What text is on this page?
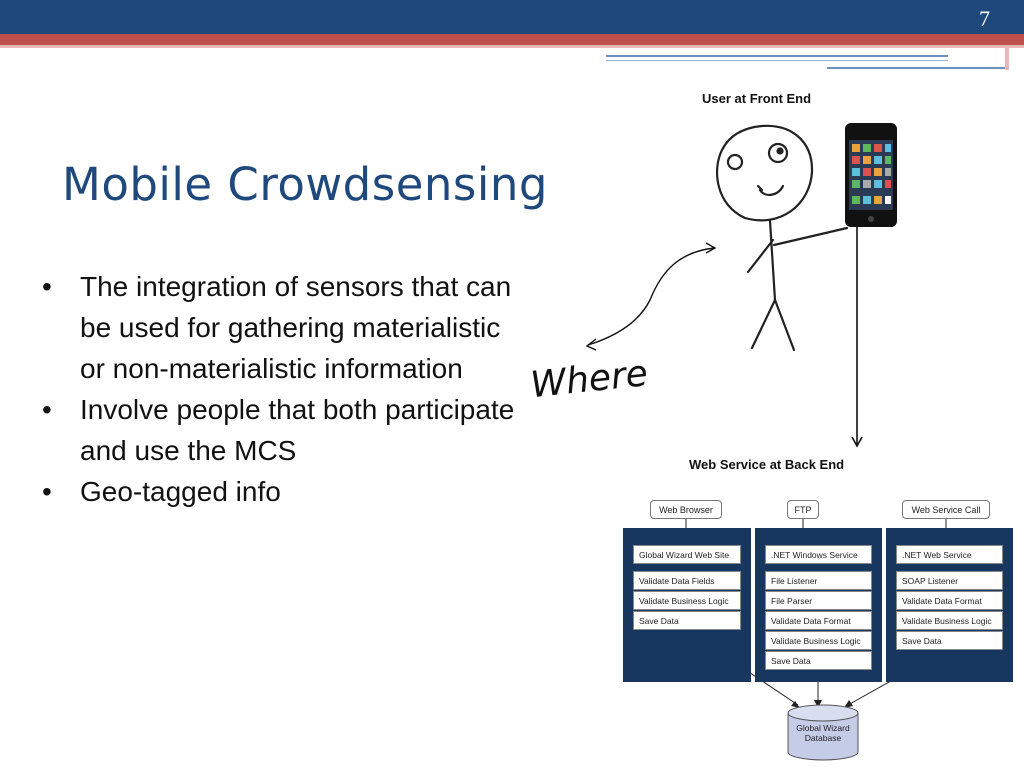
7
Mobile Crowdsensing
• The integration of sensors that can be used for gathering materialistic or non-materialistic information
• Involve people that both participate and use the MCS
• Geo-tagged info
User at Front End
Web Service at Back End
Where
Web Browser	FTP	Web Service Call
Global Wizard Web Site
Validate Data Fields
Validate Business Logic
Save Data
.NET Windows Service
File Listener
File Parser
Validate Data Format
Validate Business Logic
Save Data
.NET Web Service
SOAP Listener
Validate Data Format
Validate Business Logic
Save Data
Global Wizard
Database
